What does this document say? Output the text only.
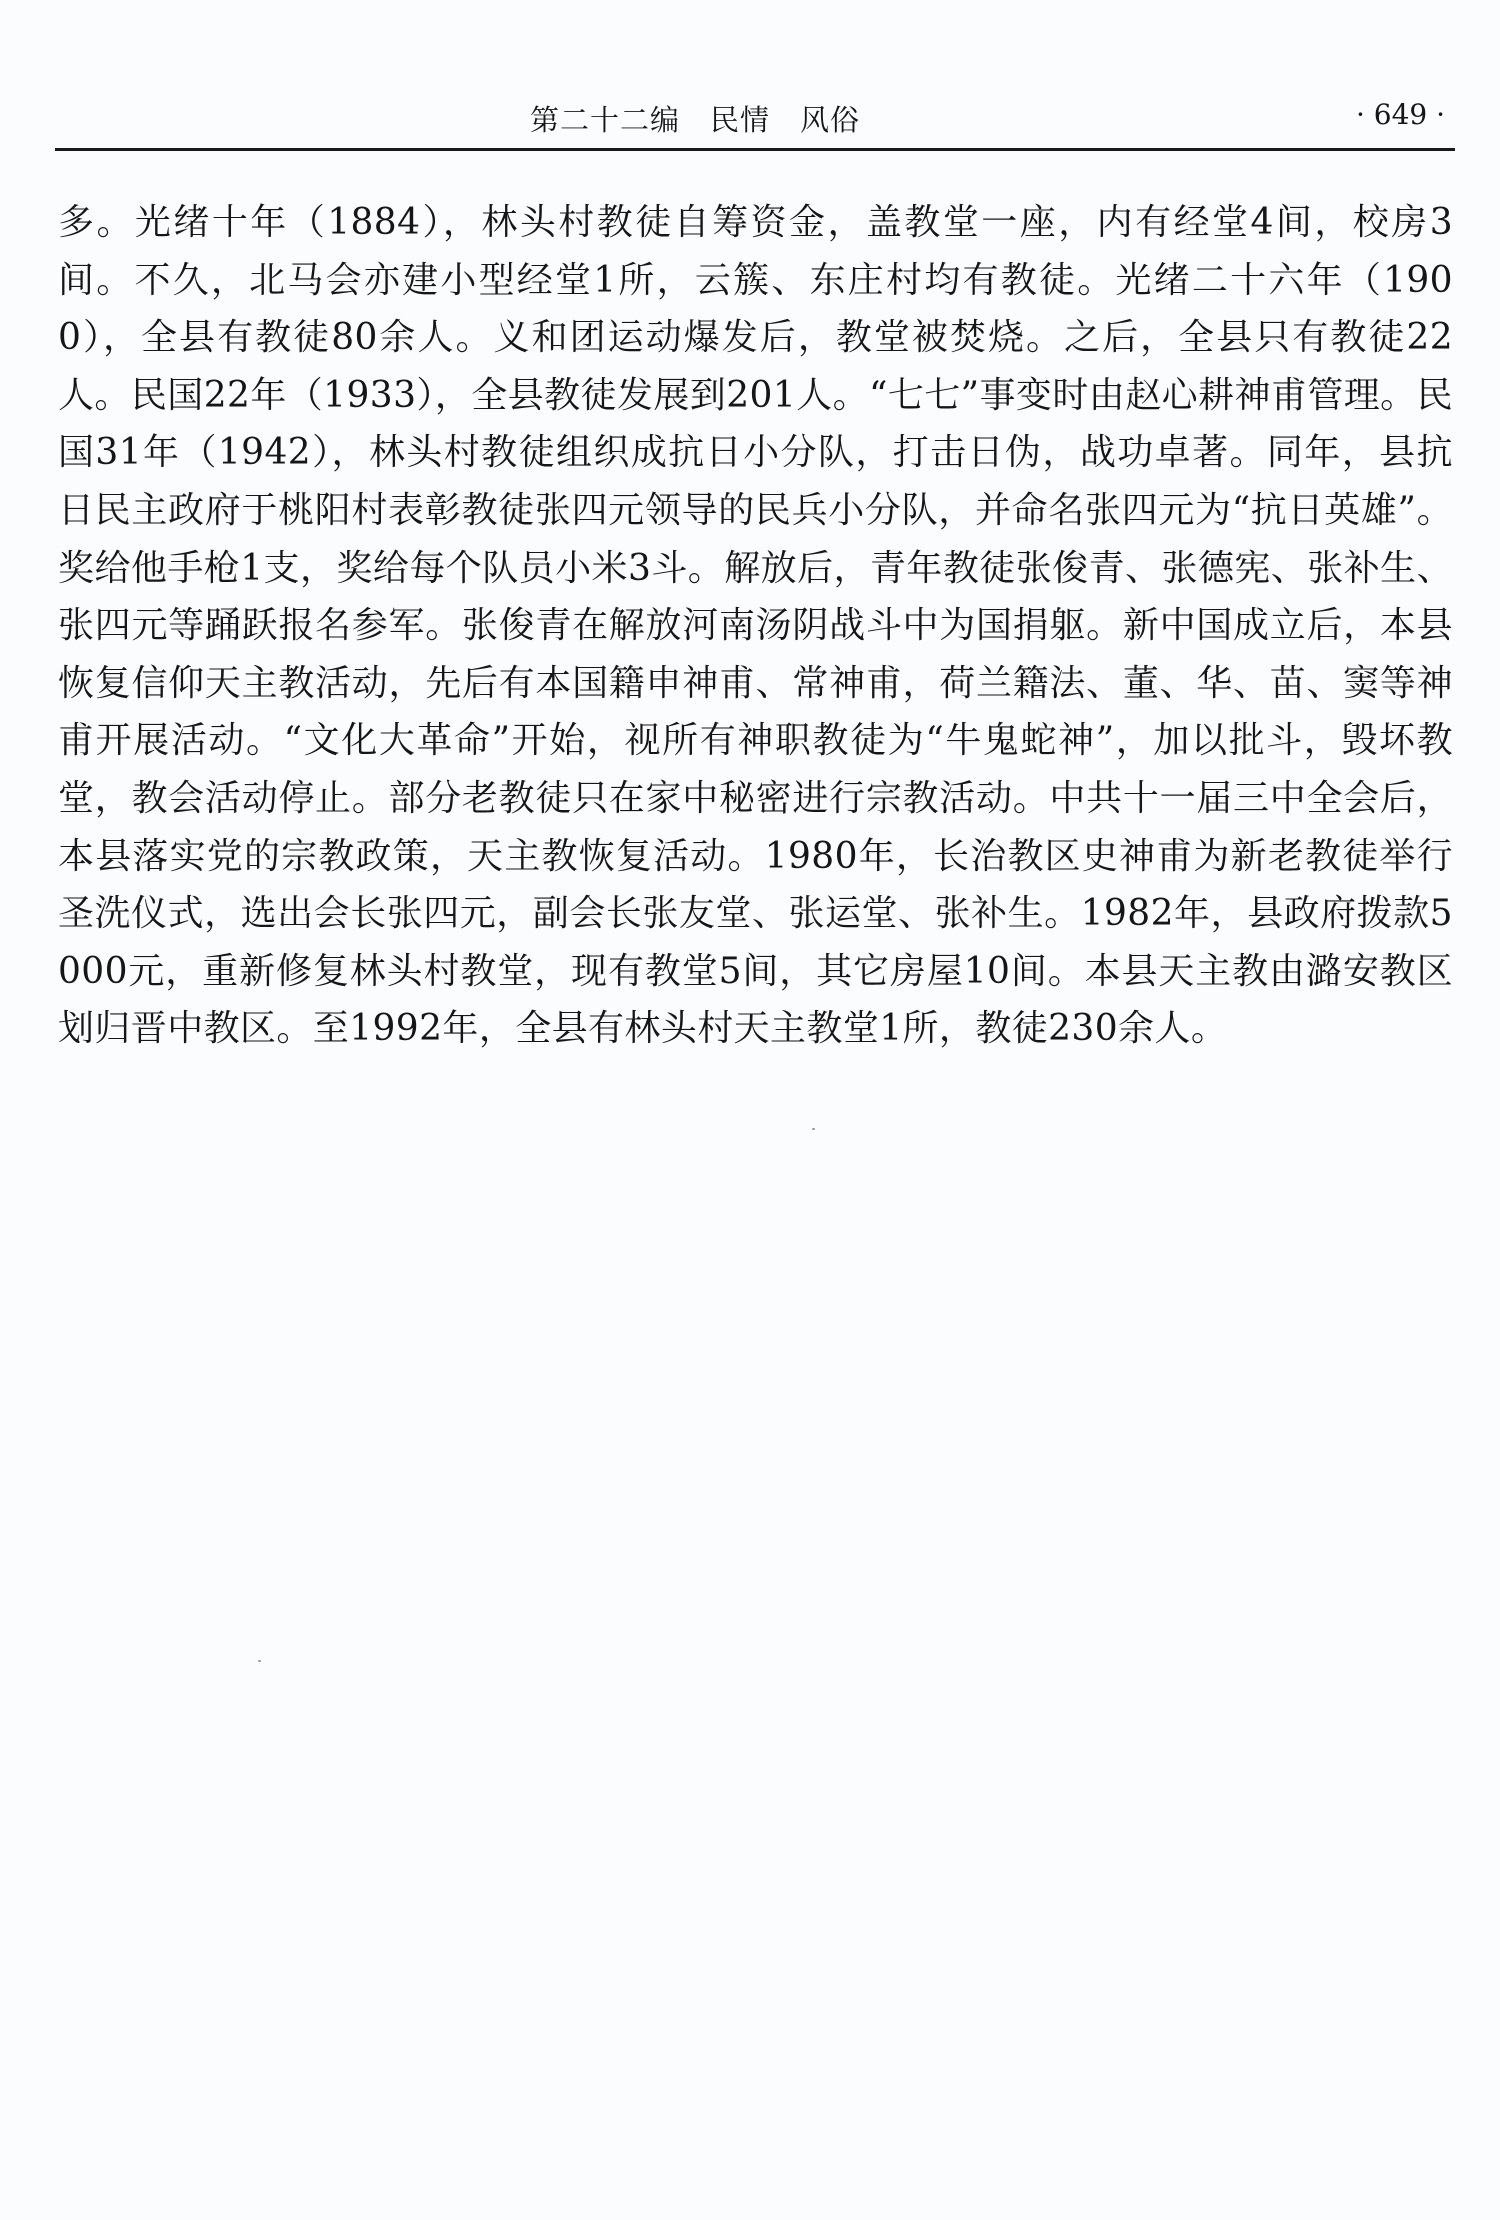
第二十二编　民情　风俗	· 649 ·

多。光绪十年（1884），林头村教徒自筹资金，盖教堂一座，内有经堂4间，校房3间。不久，北马会亦建小型经堂1所，云簇、东庄村均有教徒。光绪二十六年（1900），全县有教徒80余人。义和团运动爆发后，教堂被焚烧。之后，全县只有教徒22人。民国22年（1933），全县教徒发展到201人。“七七”事变时由赵心耕神甫管理。民国31年（1942），林头村教徒组织成抗日小分队，打击日伪，战功卓著。同年，县抗日民主政府于桃阳村表彰教徒张四元领导的民兵小分队，并命名张四元为“抗日英雄”。奖给他手枪1支，奖给每个队员小米3斗。解放后，青年教徒张俊青、张德宪、张补生、张四元等踊跃报名参军。张俊青在解放河南汤阴战斗中为国捐躯。新中国成立后，本县恢复信仰天主教活动，先后有本国籍申神甫、常神甫，荷兰籍法、董、华、苗、窦等神甫开展活动。“文化大革命”开始，视所有神职教徒为“牛鬼蛇神”，加以批斗，毁坏教堂，教会活动停止。部分老教徒只在家中秘密进行宗教活动。中共十一届三中全会后，本县落实党的宗教政策，天主教恢复活动。1980年，长治教区史神甫为新老教徒举行圣洗仪式，选出会长张四元，副会长张友堂、张运堂、张补生。1982年，县政府拨款5000元，重新修复林头村教堂，现有教堂5间，其它房屋10间。本县天主教由潞安教区划归晋中教区。至1992年，全县有林头村天主教堂1所，教徒230余人。
